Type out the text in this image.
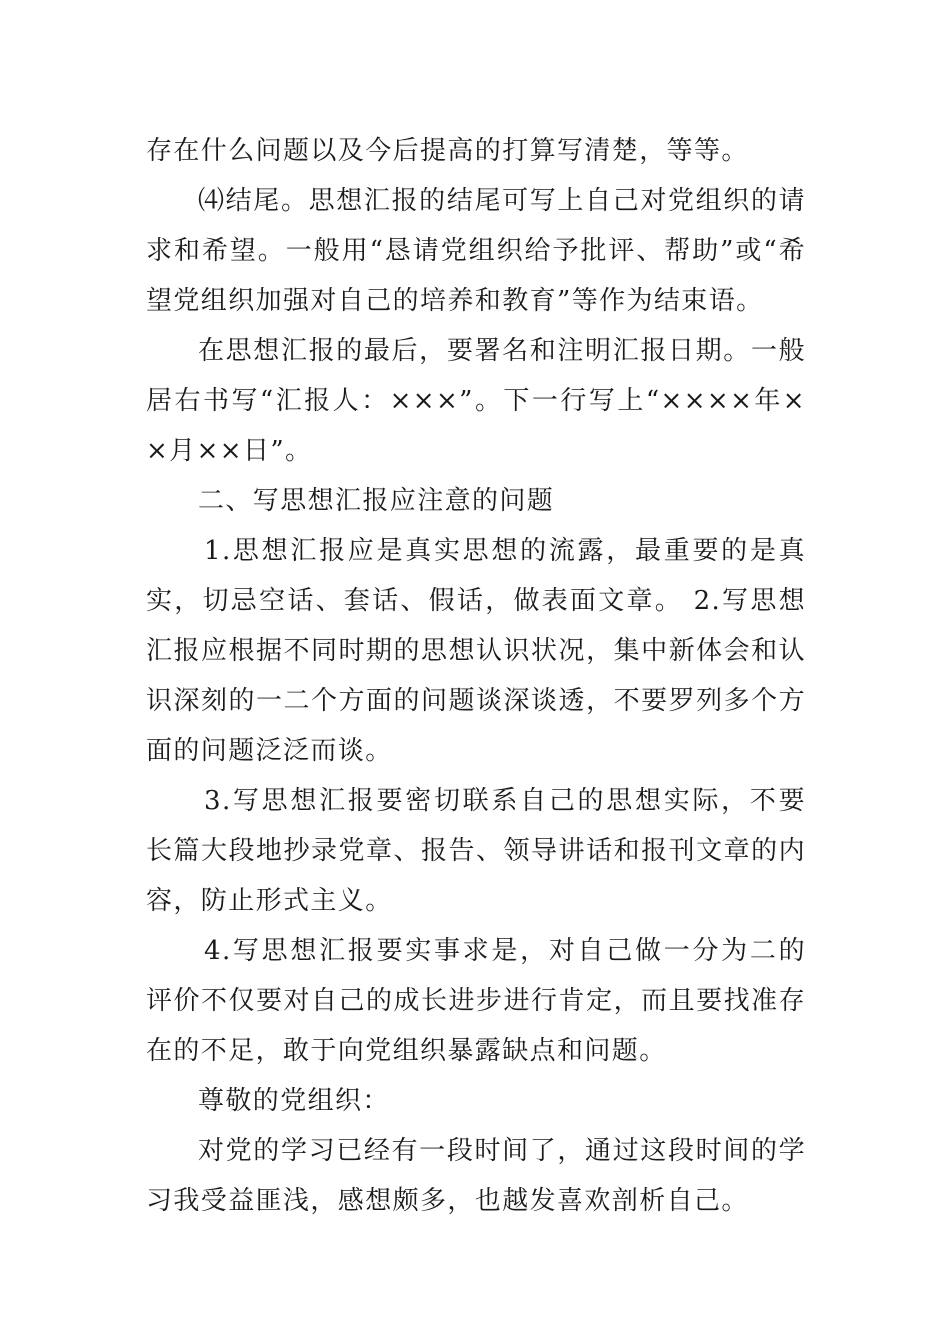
存在什么问题以及今后提高的打算写清楚，等等。

⑷结尾。思想汇报的结尾可写上自己对党组织的请求和希望。一般用“恳请党组织给予批评、帮助”或“希望党组织加强对自己的培养和教育”等作为结束语。

在思想汇报的最后，要署名和注明汇报日期。一般居右书写“汇报人：×××”。下一行写上“××××年××月××日”。

二、写思想汇报应注意的问题

1.思想汇报应是真实思想的流露，最重要的是真实，切忌空话、套话、假话，做表面文章。 2.写思想汇报应根据不同时期的思想认识状况，集中新体会和认识深刻的一二个方面的问题谈深谈透，不要罗列多个方面的问题泛泛而谈。

3.写思想汇报要密切联系自己的思想实际，不要长篇大段地抄录党章、报告、领导讲话和报刊文章的内容，防止形式主义。

4.写思想汇报要实事求是，对自己做一分为二的评价不仅要对自己的成长进步进行肯定，而且要找准存在的不足，敢于向党组织暴露缺点和问题。

尊敬的党组织：

对党的学习已经有一段时间了，通过这段时间的学习我受益匪浅，感想颇多，也越发喜欢剖析自己。
